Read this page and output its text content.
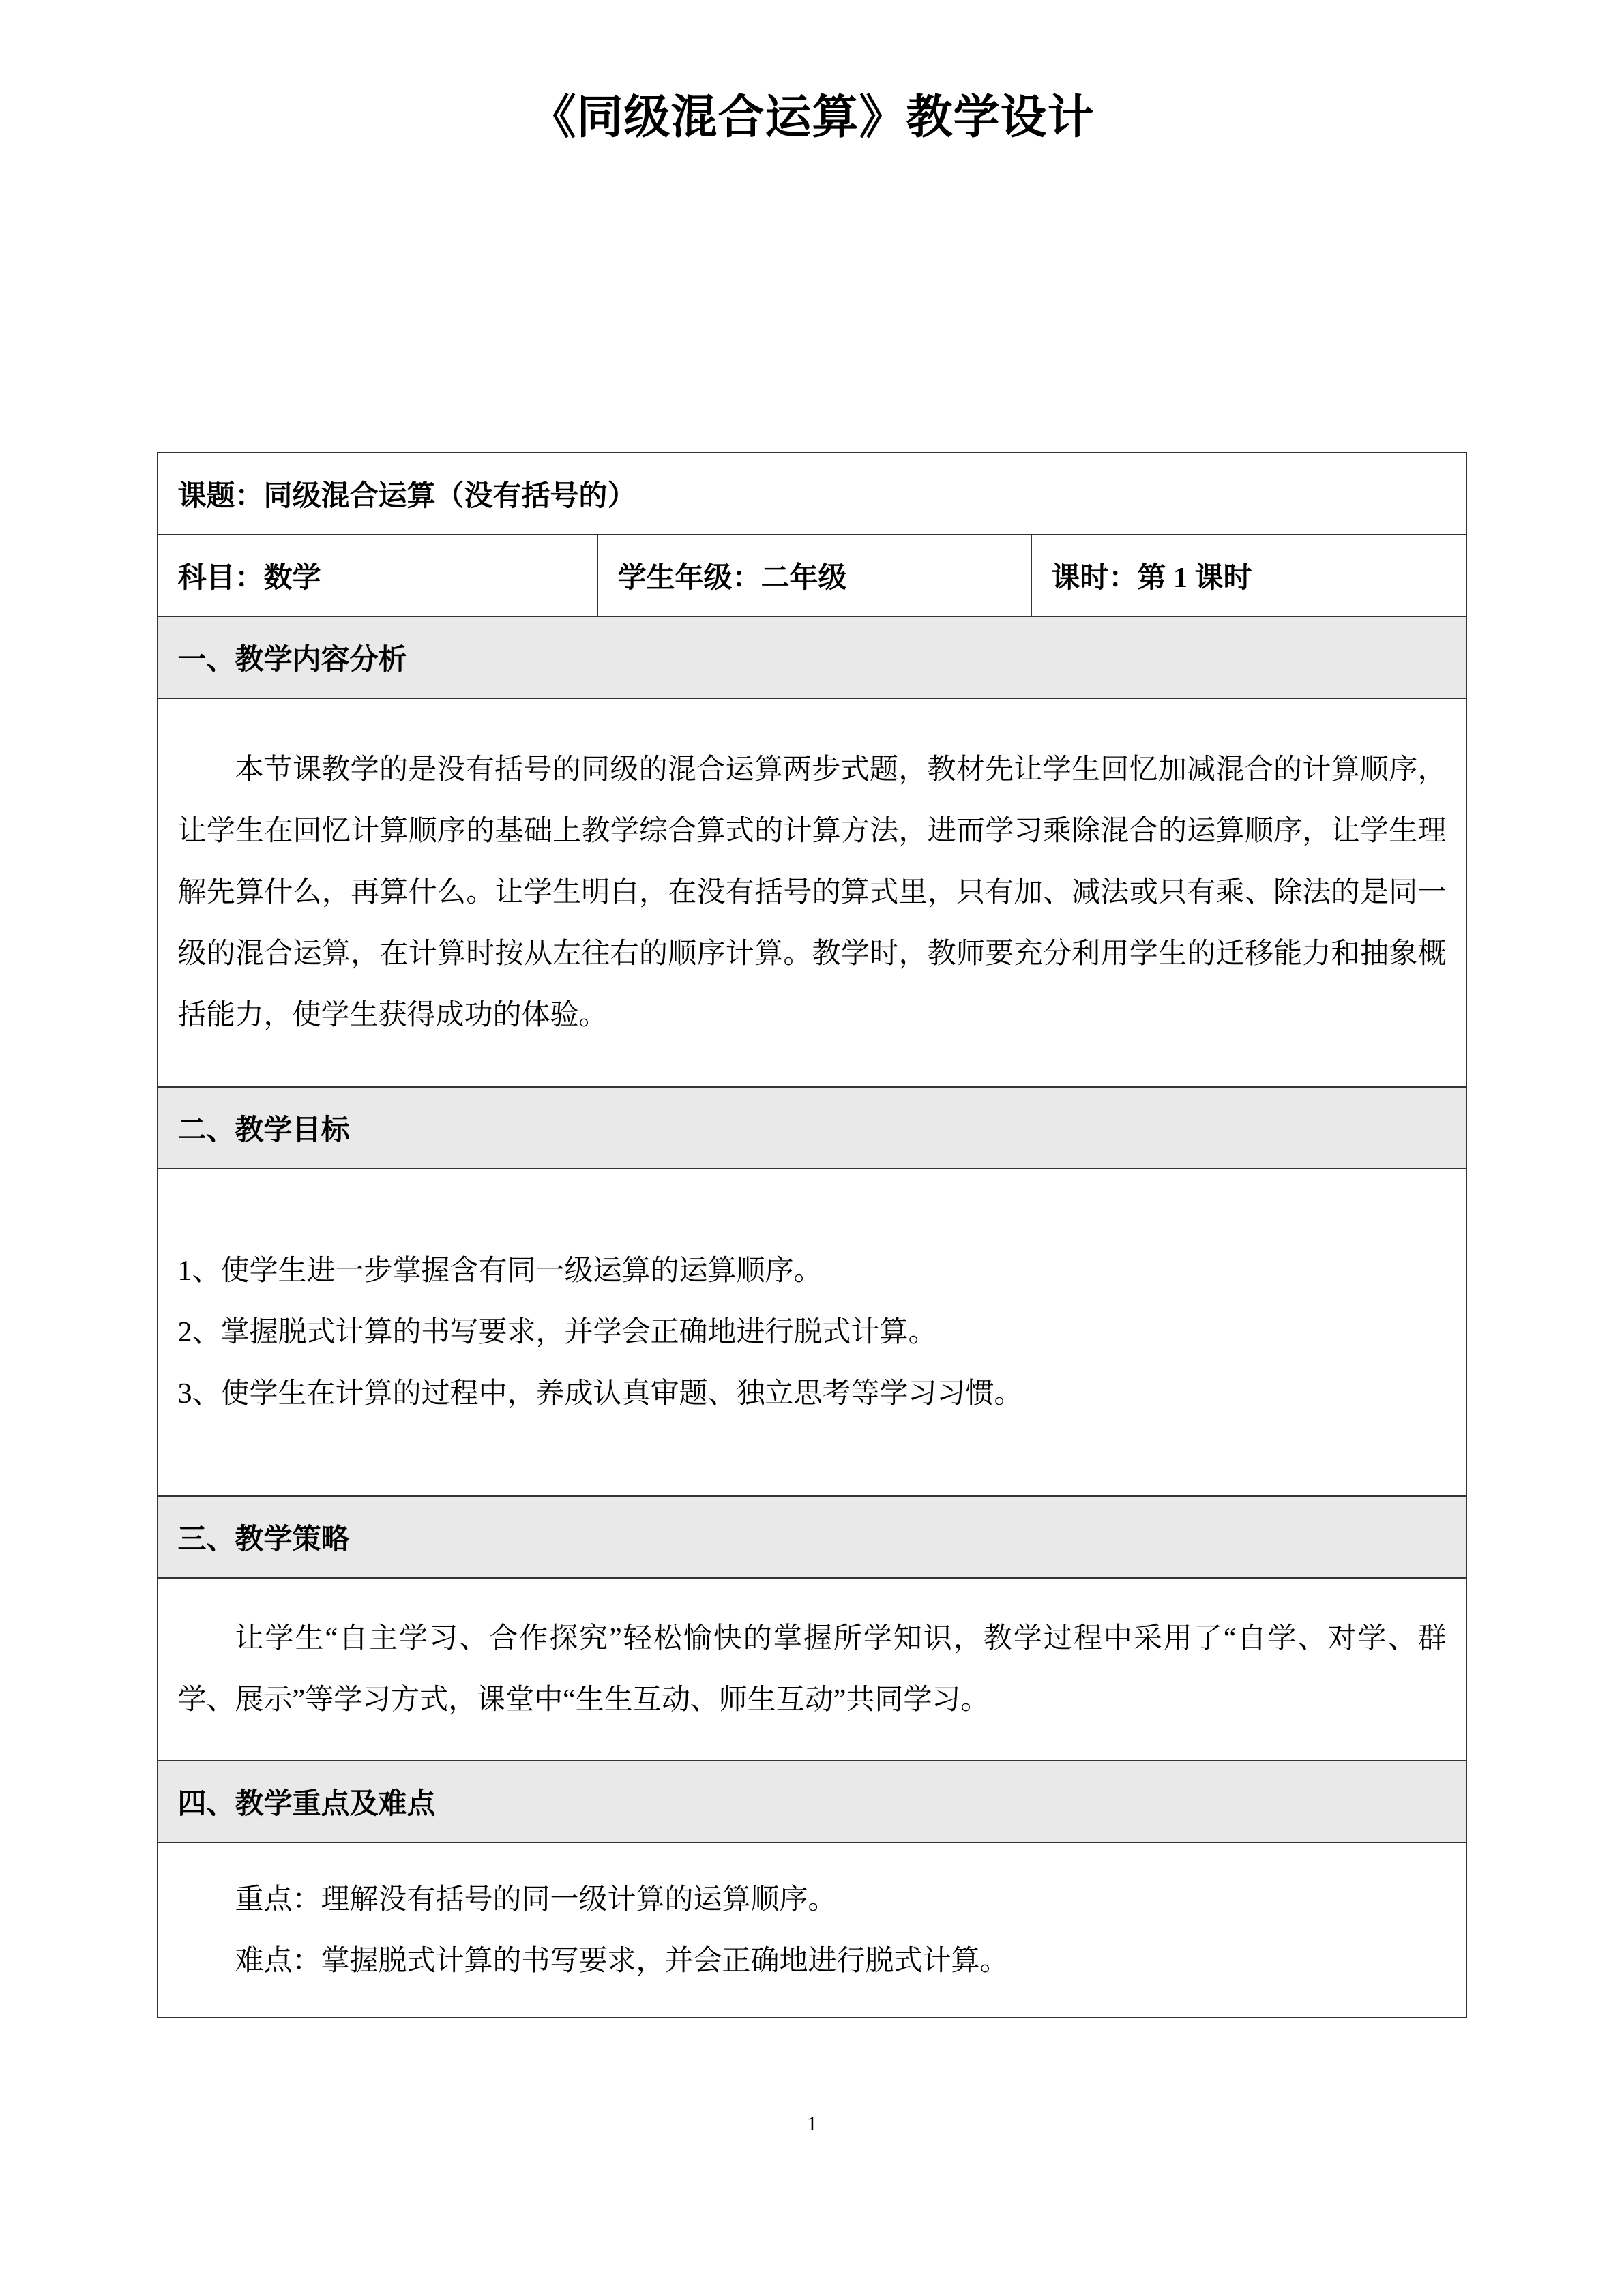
《同级混合运算》教学设计
课题：同级混合运算（没有括号的）
科目：数学	学生年级：二年级	课时：第 1 课时
一、教学内容分析

本节课教学的是没有括号的同级的混合运算两步式题，教材先让学生回忆加减混合的计算顺序，让学生在回忆计算顺序的基础上教学综合算式的计算方法，进而学习乘除混合的运算顺序，让学生理解先算什么，再算什么。让学生明白，在没有括号的算式里，只有加、减法或只有乘、除法的是同一级的混合运算，在计算时按从左往右的顺序计算。教学时，教师要充分利用学生的迁移能力和抽象概括能力，使学生获得成功的体验。

二、教学目标

1、使学生进一步掌握含有同一级运算的运算顺序。

2、掌握脱式计算的书写要求，并学会正确地进行脱式计算。

3、使学生在计算的过程中，养成认真审题、独立思考等学习习惯。

三、教学策略

让学生“自主学习、合作探究”轻松愉快的掌握所学知识，教学过程中采用了“自学、对学、群学、展示”等学习方式，课堂中“生生互动、师生互动”共同学习。

四、教学重点及难点

重点：理解没有括号的同一级计算的运算顺序。

难点：掌握脱式计算的书写要求，并会正确地进行脱式计算。

1
